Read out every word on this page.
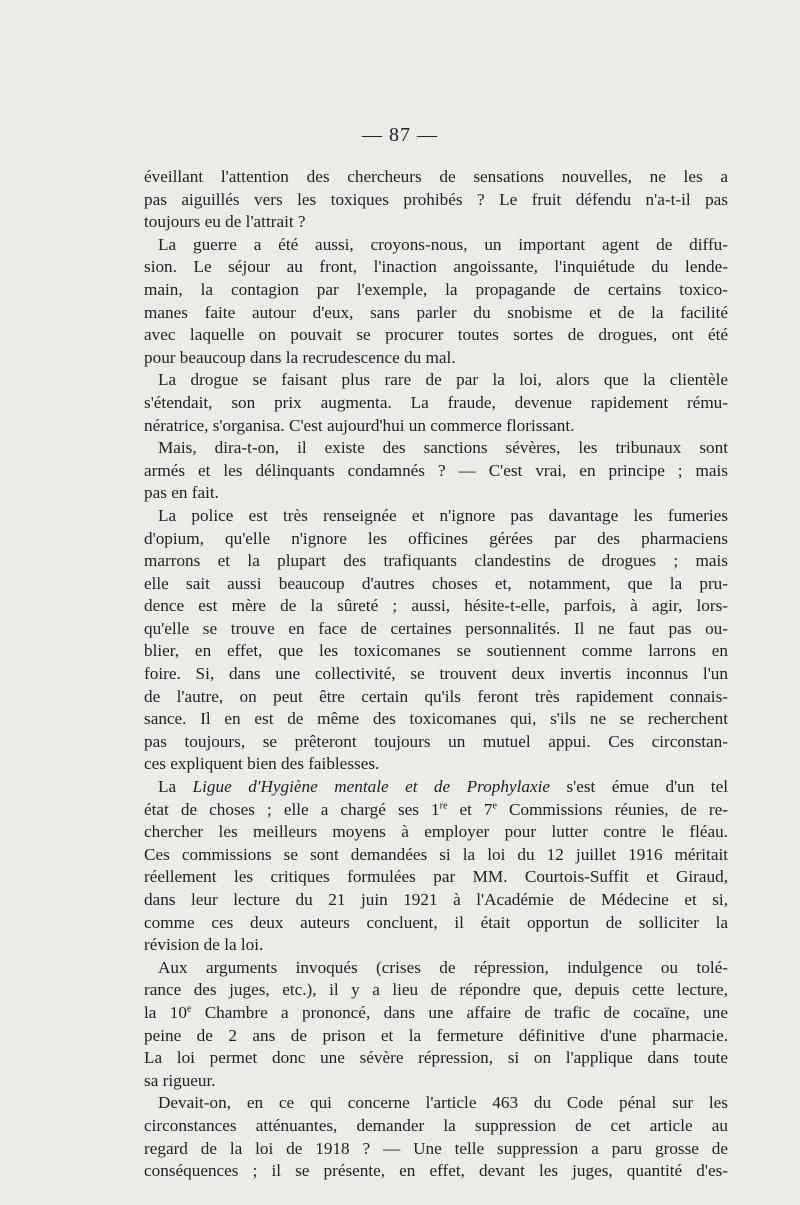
— 87 —
éveillant l'attention des chercheurs de sensations nouvelles, ne les a
pas aiguillés vers les toxiques prohibés ? Le fruit défendu n'a-t-il pas
toujours eu de l'attrait ?
La guerre a été aussi, croyons-nous, un important agent de diffu-
sion. Le séjour au front, l'inaction angoissante, l'inquiétude du lende-
main, la contagion par l'exemple, la propagande de certains toxico-
manes faite autour d'eux, sans parler du snobisme et de la facilité
avec laquelle on pouvait se procurer toutes sortes de drogues, ont été
pour beaucoup dans la recrudescence du mal.
La drogue se faisant plus rare de par la loi, alors que la clientèle
s'étendait, son prix augmenta. La fraude, devenue rapidement rému-
nératrice, s'organisa. C'est aujourd'hui un commerce florissant.
Mais, dira-t-on, il existe des sanctions sévères, les tribunaux sont
armés et les délinquants condamnés ? — C'est vrai, en principe ; mais
pas en fait.
La police est très renseignée et n'ignore pas davantage les fumeries
d'opium, qu'elle n'ignore les officines gérées par des pharmaciens
marrons et la plupart des trafiquants clandestins de drogues ; mais
elle sait aussi beaucoup d'autres choses et, notamment, que la pru-
dence est mère de la sûreté ; aussi, hésite-t-elle, parfois, à agir, lors-
qu'elle se trouve en face de certaines personnalités. Il ne faut pas ou-
blier, en effet, que les toxicomanes se soutiennent comme larrons en
foire. Si, dans une collectivité, se trouvent deux invertis inconnus l'un
de l'autre, on peut être certain qu'ils feront très rapidement connais-
sance. Il en est de même des toxicomanes qui, s'ils ne se recherchent
pas toujours, se prêteront toujours un mutuel appui. Ces circonstan-
ces expliquent bien des faiblesses.
La Ligue d'Hygiène mentale et de Prophylaxie s'est émue d'un tel
état de choses ; elle a chargé ses 1re et 7e Commissions réunies, de re-
chercher les meilleurs moyens à employer pour lutter contre le fléau.
Ces commissions se sont demandées si la loi du 12 juillet 1916 méritait
réellement les critiques formulées par MM. Courtois-Suffit et Giraud,
dans leur lecture du 21 juin 1921 à l'Académie de Médecine et si,
comme ces deux auteurs concluent, il était opportun de solliciter la
révision de la loi.
Aux arguments invoqués (crises de répression, indulgence ou tolé-
rance des juges, etc.), il y a lieu de répondre que, depuis cette lecture,
la 10e Chambre a prononcé, dans une affaire de trafic de cocaïne, une
peine de 2 ans de prison et la fermeture définitive d'une pharmacie.
La loi permet donc une sévère répression, si on l'applique dans toute
sa rigueur.
Devait-on, en ce qui concerne l'article 463 du Code pénal sur les
circonstances atténuantes, demander la suppression de cet article au
regard de la loi de 1918 ? — Une telle suppression a paru grosse de
conséquences ; il se présente, en effet, devant les juges, quantité d'es-
